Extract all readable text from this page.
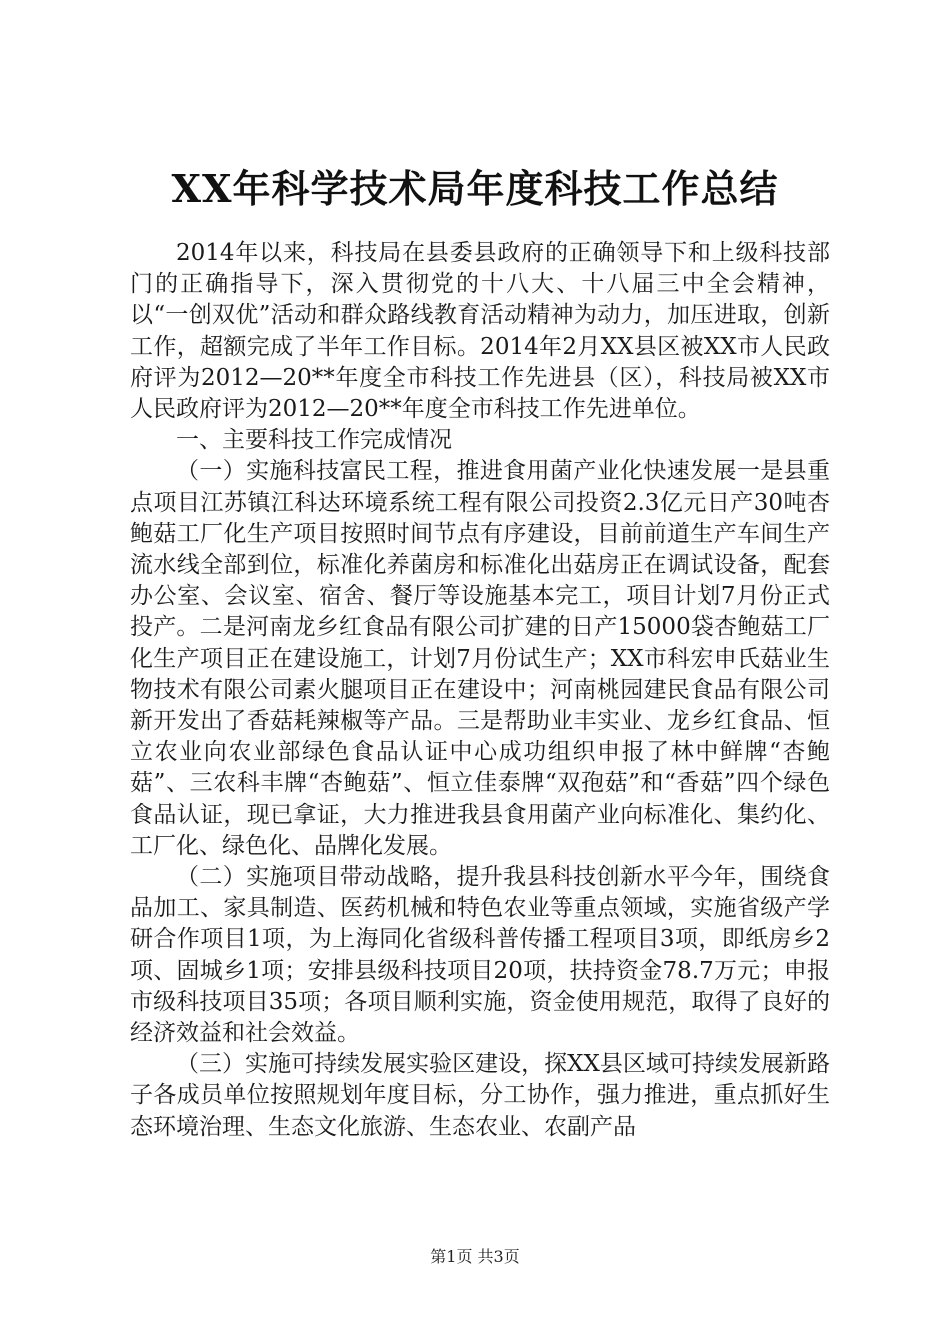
XX年科学技术局年度科技工作总结

2014年以来，科技局在县委县政府的正确领导下和上级科技部门的正确指导下，深入贯彻党的十八大、十八届三中全会精神，以“一创双优”活动和群众路线教育活动精神为动力，加压进取，创新工作，超额完成了半年工作目标。2014年2月XX县区被XX市人民政府评为2012—20**年度全市科技工作先进县（区），科技局被XX市人民政府评为2012—20**年度全市科技工作先进单位。

一、主要科技工作完成情况

（一）实施科技富民工程，推进食用菌产业化快速发展一是县重点项目江苏镇江科达环境系统工程有限公司投资2.3亿元日产30吨杏鲍菇工厂化生产项目按照时间节点有序建设，目前前道生产车间生产流水线全部到位，标准化养菌房和标准化出菇房正在调试设备，配套办公室、会议室、宿舍、餐厅等设施基本完工，项目计划7月份正式投产。二是河南龙乡红食品有限公司扩建的日产15000袋杏鲍菇工厂化生产项目正在建设施工，计划7月份试生产；XX市科宏申氏菇业生物技术有限公司素火腿项目正在建设中；河南桃园建民食品有限公司新开发出了香菇耗辣椒等产品。三是帮助业丰实业、龙乡红食品、恒立农业向农业部绿色食品认证中心成功组织申报了林中鲜牌“杏鲍菇”、三农科丰牌“杏鲍菇”、恒立佳泰牌“双孢菇”和“香菇”四个绿色食品认证，现已拿证，大力推进我县食用菌产业向标准化、集约化、工厂化、绿色化、品牌化发展。

（二）实施项目带动战略，提升我县科技创新水平今年，围绕食品加工、家具制造、医药机械和特色农业等重点领域，实施省级产学研合作项目1项，为上海同化省级科普传播工程项目3项，即纸房乡2项、固城乡1项；安排县级科技项目20项，扶持资金78.7万元；申报市级科技项目35项；各项目顺利实施，资金使用规范，取得了良好的经济效益和社会效益。

（三）实施可持续发展实验区建设，探XX县区域可持续发展新路子各成员单位按照规划年度目标，分工协作，强力推进，重点抓好生态环境治理、生态文化旅游、生态农业、农副产品

第1页 共3页
